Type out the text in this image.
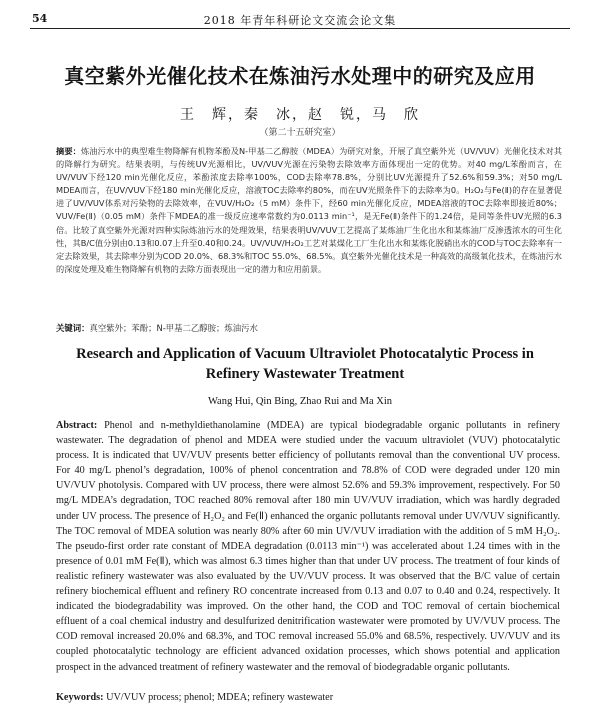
54	2018 年青年科研论文交流会论文集
真空紫外光催化技术在炼油污水处理中的研究及应用
王　辉，秦　冰，赵　锐，马　欣
（第二十五研究室）
摘要：炼油污水中的典型难生物降解有机物苯酚及N-甲基二乙醇胺（MDEA）为研究对象，开展了真空紫外光（UV/VUV）光催化技术对其的降解行为研究。结果表明，与传统UV光源相比，UV/VUV光源在污染物去除效率方面体现出一定的优势。对40 mg/L苯酚而言，在UV/VUV下经120 min光催化反应，苯酚浓度去除率100%，COD去除率78.8%，分别比UV光源提升了52.6%和59.3%；对50 mg/L MDEA而言，在UV/VUV下经180 min光催化反应，溶液TOC去除率约80%，而在UV光照条件下的去除率为0。H₂O₂与Fe(Ⅱ)的存在显著促进了UV/VUV体系对污染物的去除效率，在VUV/H₂O₂（5 mM）条件下，经60 min光催化反应，MDEA溶液的TOC去除率即接近80%；VUV/Fe(Ⅱ)（0.05 mM）条件下MDEA的准一级反应速率常数约为0.0113 min⁻¹，是无Fe(Ⅱ)条件下的1.24倍，是同等条件UV光照的6.3倍。比较了真空紫外光源对四种实际炼油污水的处理效果，结果表明UV/VUV工艺提高了某炼油厂生化出水和某炼油厂反渗透浓水的可生化性，其B/C值分别由0.13和0.07上升至0.40和0.24。UV/VUV/H₂O₂工艺对某煤化工厂生化出水和某炼化脱硝出水的COD与TOC去除率有一定去除效果，其去除率分别为COD 20.0%、68.3%和TOC 55.0%、68.5%。真空紫外光催化技术是一种高效的高级氧化技术，在炼油污水的深度处理及难生物降解有机物的去除方面表现出一定的潜力和应用前景。
关键词：真空紫外；苯酚；N-甲基二乙醇胺；炼油污水
Research and Application of Vacuum Ultraviolet Photocatalytic Process in Refinery Wastewater Treatment
Wang Hui, Qin Bing, Zhao Rui and Ma Xin
Abstract: Phenol and n-methyldiethanolamine (MDEA) are typical biodegradable organic pollutants in refinery wastewater. The degradation of phenol and MDEA were studied under the vacuum ultraviolet (VUV) photocatalytic process. It is indicated that UV/VUV presents better efficiency of pollutants removal than the conventional UV process. For 40 mg/L phenol’s degradation, 100% of phenol concentration and 78.8% of COD were degraded under 120 min UV/VUV photolysis. Compared with UV process, there were almost 52.6% and 59.3% improvement, respectively. For 50 mg/L MDEA’s degradation, TOC reached 80% removal after 180 min UV/VUV irradiation, which was hardly degraded under UV process. The presence of H₂O₂ and Fe(Ⅱ) enhanced the organic pollutants removal under UV/VUV significantly. The TOC removal of MDEA solution was nearly 80% after 60 min UV/VUV irradiation with the addition of 5 mM H₂O₂. The pseudo-first order rate constant of MDEA degradation (0.0113 min⁻¹) was accelerated about 1.24 times with in the presence of 0.01 mM Fe(Ⅱ), which was almost 6.3 times higher than that under UV process. The treatment of four kinds of realistic refinery wastewater was also evaluated by the UV/VUV process. It was observed that the B/C value of certain refinery biochemical effluent and refinery RO concentrate increased from 0.13 and 0.07 to 0.40 and 0.24, respectively. It indicated the biodegradability was improved. On the other hand, the COD and TOC removal of certain biochemical effluent of a coal chemical industry and desulfurized denitrification wastewater were promoted by UV/VUV process. The COD removal increased 20.0% and 68.3%, and TOC removal increased 55.0% and 68.5%, respectively. UV/VUV and its coupled photocatalytic technology are efficient advanced oxidation processes, which shows potential and application prospect in the advanced treatment of refinery wastewater and the removal of biodegradable organic pollutants.
Keywords: UV/VUV process; phenol; MDEA; refinery wastewater
